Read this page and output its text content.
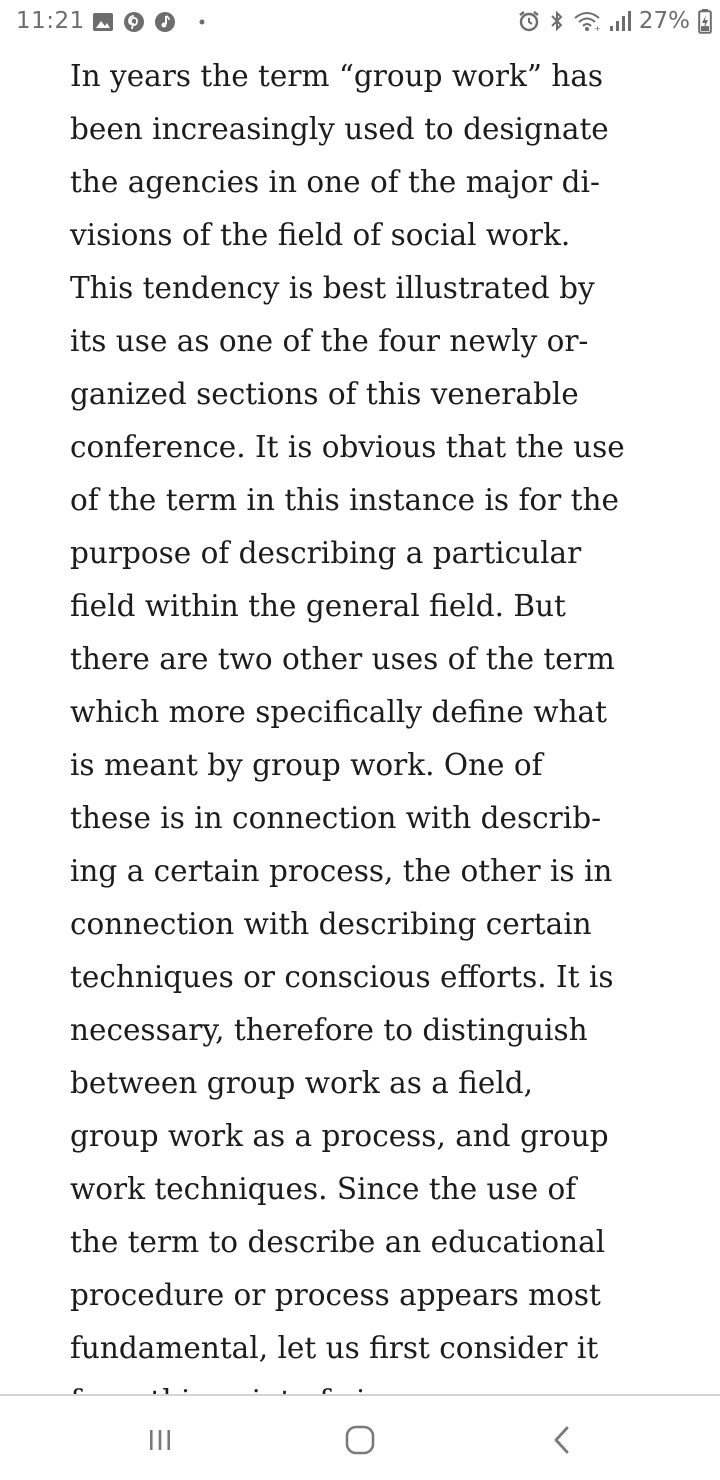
11:21	+ 27%

In years the term “group work” has
been increasingly used to designate
the agencies in one of the major di-
visions of the field of social work.
This tendency is best illustrated by
its use as one of the four newly or-
ganized sections of this venerable
conference. It is obvious that the use
of the term in this instance is for the
purpose of describing a particular
field within the general field. But
there are two other uses of the term
which more specifically define what
is meant by group work. One of
these is in connection with describ-
ing a certain process, the other is in
connection with describing certain
techniques or conscious efforts. It is
necessary, therefore to distinguish
between group work as a field,
group work as a process, and group
work techniques. Since the use of
the term to describe an educational
procedure or process appears most
fundamental, let us first consider it
